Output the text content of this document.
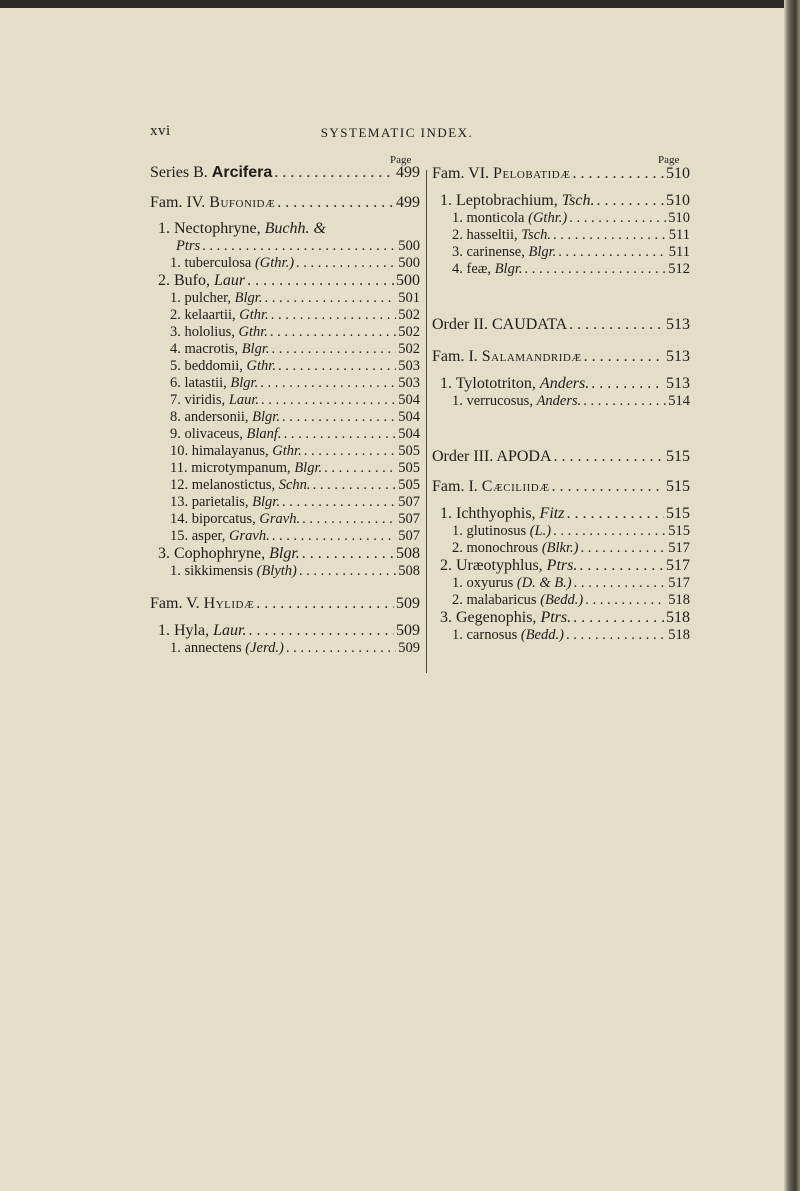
xvi	SYSTEMATIC INDEX.
Page
Series B. Arcifera . . .	499
Fam. IV. Bufonidæ . . .	499
1. Nectophryne, Buchh. &
Ptrs . . .	500
1. tuberculosa (Gthr.) . . .	500
2. Bufo, Laur . . .	500
1. pulcher, Blgr. . . .	501
2. kelaartii, Gthr. . . .	502
3. hololius, Gthr. . . .	502
4. macrotis, Blgr. . . .	502
5. beddomii, Gthr. . . .	503
6. latastii, Blgr. . . .	503
7. viridis, Laur. . . .	504
8. andersonii, Blgr. . . .	504
9. olivaceus, Blanf. . . .	504
10. himalayanus, Gthr. . . .	505
11. microtympanum, Blgr. . . .	505
12. melanostictus, Schn. . . .	505
13. parietalis, Blgr. . . .	507
14. biporcatus, Gravh. . . .	507
15. asper, Gravh. . . .	507
3. Cophophryne, Blgr. . . .	508
1. sikkimensis (Blyth) . . .	508
Fam. V. Hylidæ . . .	509
1. Hyla, Laur. . . .	509
1. annectens (Jerd.) . . .	509
Page
Fam. VI. Pelobatidæ . . .	510
1. Leptobrachium, Tsch. . . .	510
1. monticola (Gthr.) . . .	510
2. hasseltii, Tsch. . . .	511
3. carinense, Blgr. . . .	511
4. feæ, Blgr. . . .	512
Order II. CAUDATA . . .	513
Fam. I. Salamandridæ . . .	513
1. Tylototriton, Anders. . . .	513
1. verrucosus, Anders. . . .	514
Order III. APODA . . .	515
Fam. I. Cæciliidæ . . .	515
1. Ichthyophis, Fitz . . .	515
1. glutinosus (L.) . . .	515
2. monochrous (Blkr.) . . .	517
2. Uræotyphlus, Ptrs. . . .	517
1. oxyurus (D. & B.) . . .	517
2. malabaricus (Bedd.) . . .	518
3. Gegenophis, Ptrs. . . .	518
1. carnosus (Bedd.) . . .	518
